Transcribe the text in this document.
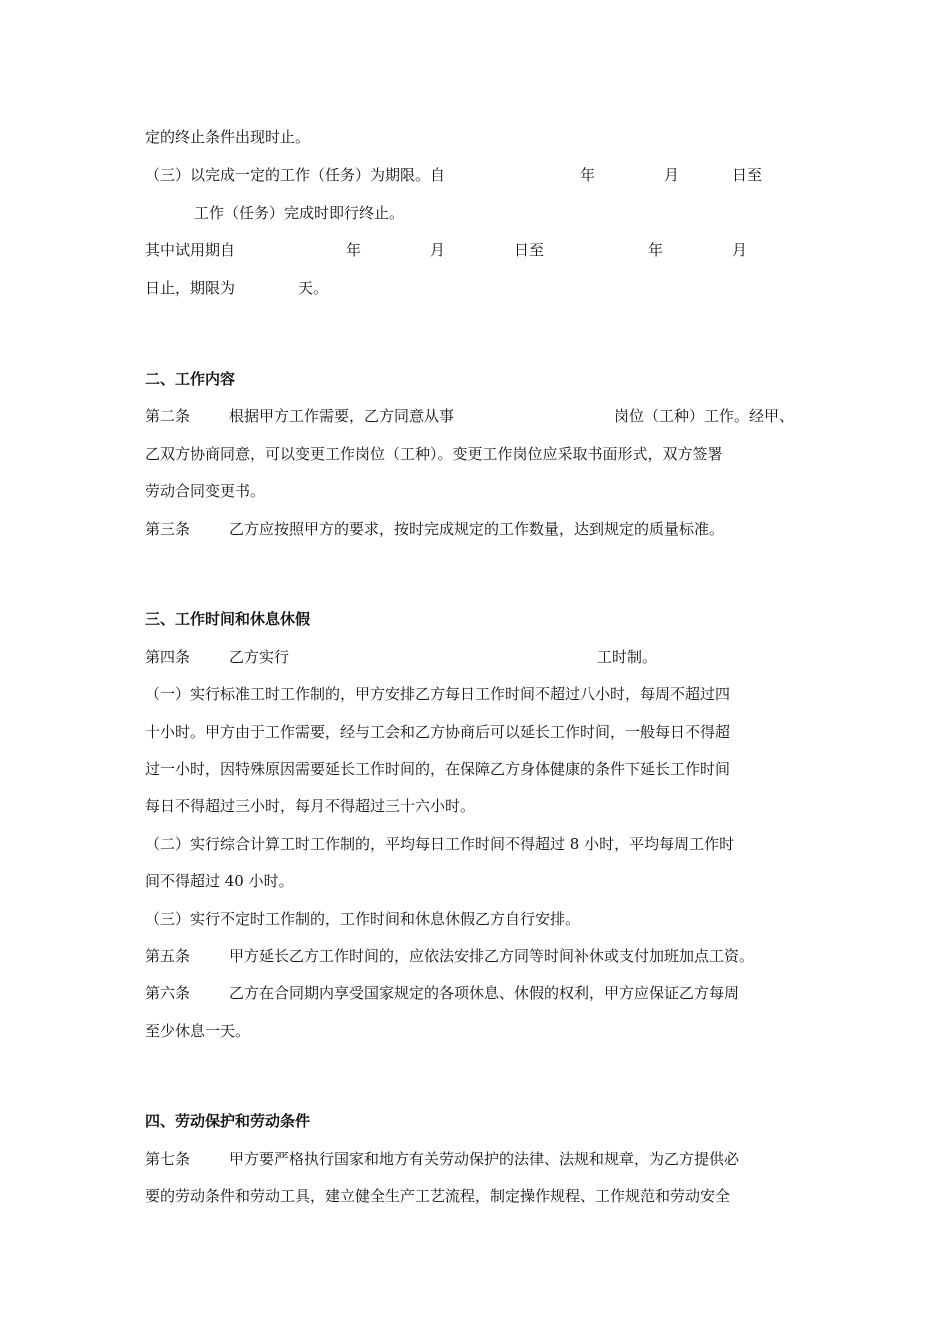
定的终止条件出现时止。
（三）以完成一定的工作（任务）为期限。自	年	月	日至
工作（任务）完成时即行终止。
其中试用期自	年	月	日至	年	月
日止，期限为	天。
二、工作内容
第二条	根据甲方工作需要，乙方同意从事	岗位（工种）工作。经甲、
乙双方协商同意，可以变更工作岗位（工种）。变更工作岗位应采取书面形式，双方签署
劳动合同变更书。
第三条	乙方应按照甲方的要求，按时完成规定的工作数量，达到规定的质量标准。
三、工作时间和休息休假
第四条	乙方实行	工时制。
（一）实行标准工时工作制的，甲方安排乙方每日工作时间不超过八小时，每周不超过四
十小时。甲方由于工作需要，经与工会和乙方协商后可以延长工作时间，一般每日不得超
过一小时，因特殊原因需要延长工作时间的，在保障乙方身体健康的条件下延长工作时间
每日不得超过三小时，每月不得超过三十六小时。
（二）实行综合计算工时工作制的，平均每日工作时间不得超过 8 小时，平均每周工作时
间不得超过 40 小时。
（三）实行不定时工作制的，工作时间和休息休假乙方自行安排。
第五条	甲方延长乙方工作时间的，应依法安排乙方同等时间补休或支付加班加点工资。
第六条	乙方在合同期内享受国家规定的各项休息、休假的权利，甲方应保证乙方每周
至少休息一天。
四、劳动保护和劳动条件
第七条	甲方要严格执行国家和地方有关劳动保护的法律、法规和规章，为乙方提供必
要的劳动条件和劳动工具，建立健全生产工艺流程，制定操作规程、工作规范和劳动安全
